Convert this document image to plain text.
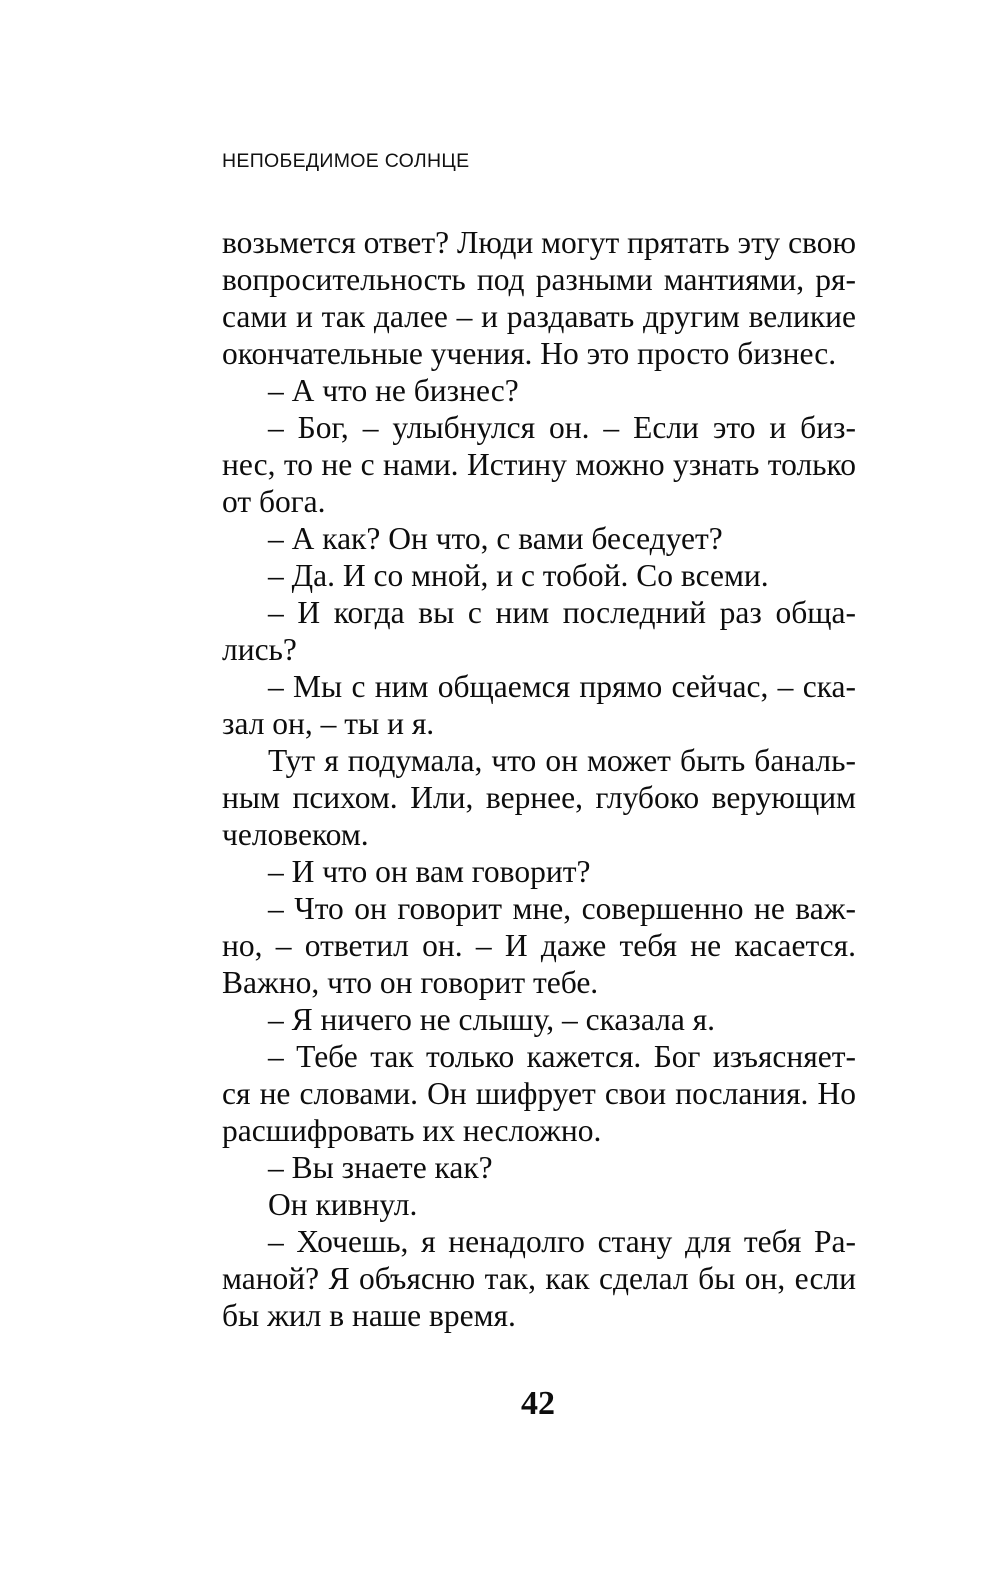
НЕПОБЕДИМОЕ СОЛНЦЕ
возьмется ответ? Люди могут прятать эту свою
вопросительность под разными мантиями, ря-
сами и так далее – и раздавать другим великие
окончательные учения. Но это просто бизнес.
– А что не бизнес?
– Бог, – улыбнулся он. – Если это и биз-
нес, то не с нами. Истину можно узнать только
от бога.
– А как? Он что, с вами беседует?
– Да. И со мной, и с тобой. Со всеми.
– И когда вы с ним последний раз обща-
лись?
– Мы с ним общаемся прямо сейчас, – ска-
зал он, – ты и я.
Тут я подумала, что он может быть баналь-
ным психом. Или, вернее, глубоко верующим
человеком.
– И что он вам говорит?
– Что он говорит мне, совершенно не важ-
но, – ответил он. – И даже тебя не касается.
Важно, что он говорит тебе.
– Я ничего не слышу, – сказала я.
– Тебе так только кажется. Бог изъясняет-
ся не словами. Он шифрует свои послания. Но
расшифровать их несложно.
– Вы знаете как?
Он кивнул.
– Хочешь, я ненадолго стану для тебя Ра-
маной? Я объясню так, как сделал бы он, если
бы жил в наше время.
42
